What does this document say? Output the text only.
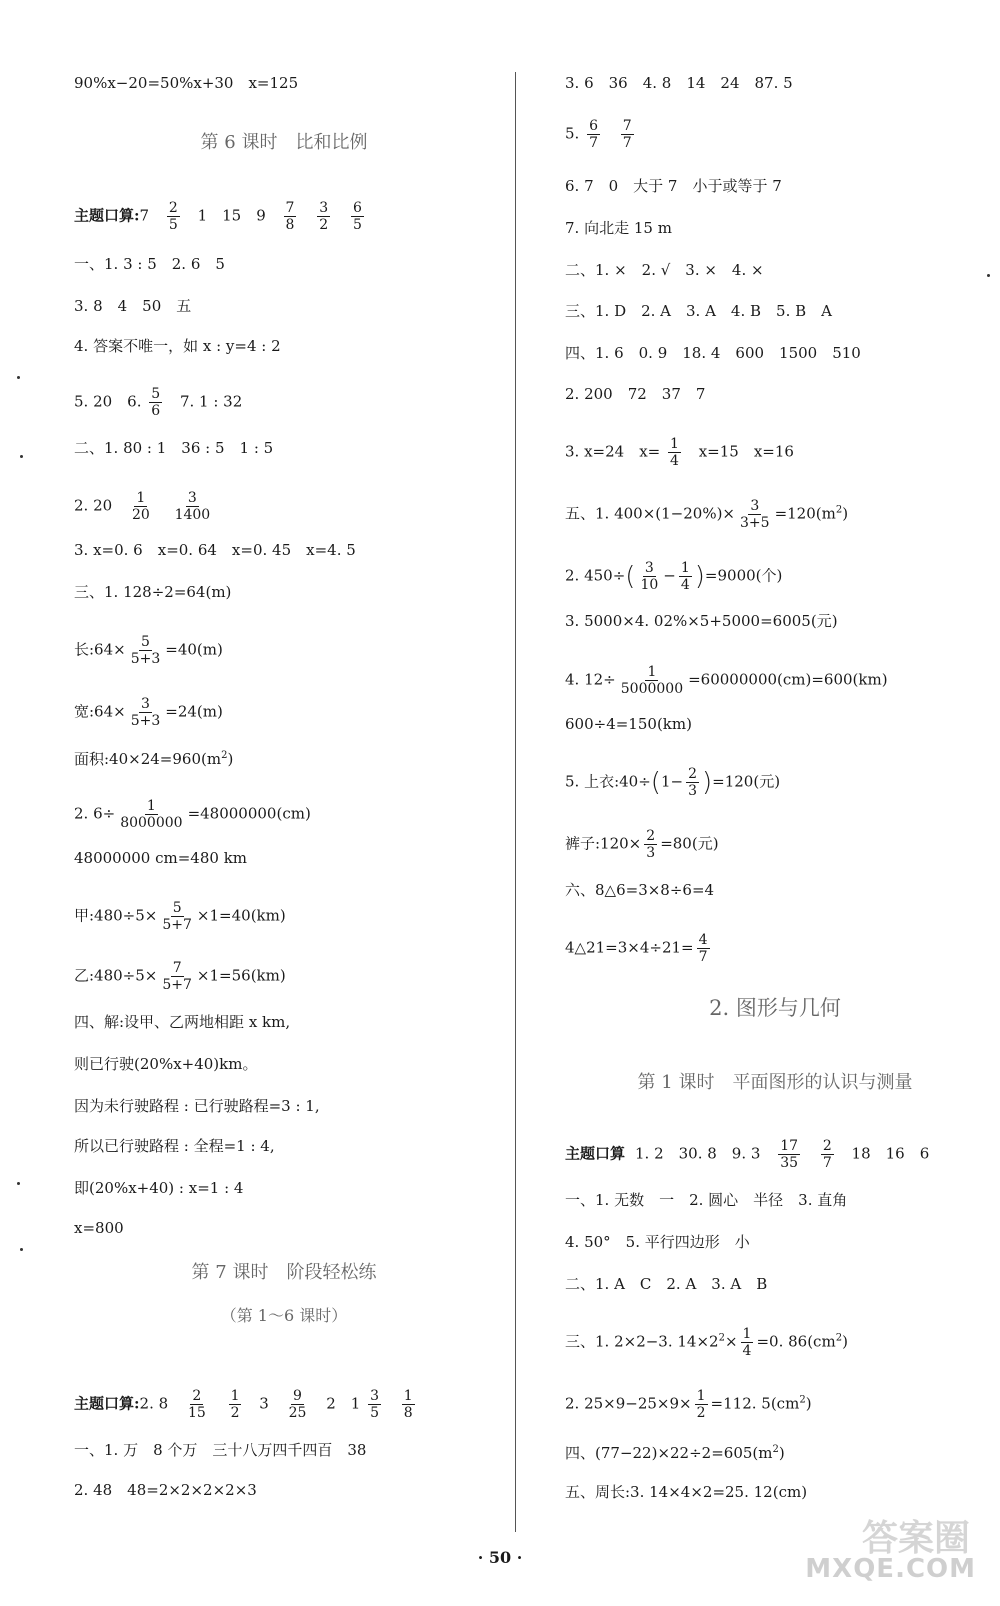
90%x−20=50%x+30　x=125
第 6 课时　比和比例
主题口算:7 $\frac{2}{5} 1$　15　$9 \frac{7}{8}$
$\frac{3}{2}$
$\frac{6}{5}$
一、1. 3 : 5　2. 6　5
3. 8　4　50　五
4. 答案不唯一，如 x : y=4 : 2
5. 20　6. $\frac{5}{6} 7$. 1 : 32
二、1. 80 : 1　36 : 5　1 : 5
2. $20 \frac{1}{20}$
$\frac{3}{1400}$
3. x=0. 6　x=0. 64　x=0. 45　x=4. 5
三、1. 128÷2=64(m)
长:64× $\frac{5}{5+3} =40(m)$
宽:64× $\frac{3}{5+3} =24(m)$
面积$:40\times 24=960(m^2)$
2. $6\div \frac{1}{8000000} =48000000(cm)$
48000000 cm=480 km
甲:480÷5× $\frac{5}{5+7} \times 1=40(km)$
乙:480÷5× $\frac{7}{5+7} \times 1=56(km)$
四、解:设甲、乙两地相距 x km,
则已行驶(20%x+40)km。
因为未行驶路程 : 已行驶路程=3 : 1,
所以已行驶路程 : 全程=1 : 4,
即(20%x+40) : x=1 : 4
x=800
第 7 课时　阶段轻松练
（第 1～6 课时）
主题口算:2. $8 \frac{2}{15}$
$\frac{1}{2} 3 \frac{9}{25} 2$　$1 \frac{3}{5}$
$\frac{1}{8}$
一、1. 万　8 个万　三十八万四千四百　38
2. 48　48=2×2×2×2×3
3. 6　36　4. 8　14　24　87. 5
5. $\frac{6}{7}$
$\frac{7}{7}$
6. 7　0　大于 7　小于或等于 7
7. 向北走 15 m
二、1. ×　2. √　3. ×　4. ×
三、1. D　2. A　3. A　4. B　5. B　A
四、1. 6　0. 9　18. 4　600　1500　510
2. 200　72　37　7
3. x=24　$x= \frac{1}{4} x=15$　x=16
五、1. $400\times(1-20\%)\times \frac{3}{3+5} =120(m^2)$
2. $450\div( \frac{3}{10} - \frac{1}{4} )=9000$(个)
3. 5000×4. 02%×5+5000=6005(元)
4. $12\div \frac{1}{5000000} =60000000(cm)=600(km)$
600÷4=150(km)
5. 上衣:40÷(1− $\frac{2}{3} )=120$(元)
裤子:120× $\frac{2}{3} =80$(元)
六、8△6=3×8÷6=4
4△21=3×4÷21= $\frac{4}{7}$
2. 图形与几何
第 1 课时　平面图形的认识与测量
主题口算 1. 2　30. 8　9. $3 \frac{17}{35}$
$\frac{2}{7} 18$　16　6
一、1. 无数　一　2. 圆心　半径　3. 直角
4. 50°　5. 平行四边形　小
二、1. A　C　2. A　3. A　B
三、1. 2×2−3. $14\times 2^2\times \frac{1}{4} =0$. $86(cm^2)$
2. $25\times 9-25\times 9\times \frac{1}{2} =112$. $5(cm^2)$
四、$(77-22)\times 22\div 2=605(m^2)$
五、周长:3. 14×4×2=25. 12(cm)
· 50 ·	答案圈
MXQE.COM
